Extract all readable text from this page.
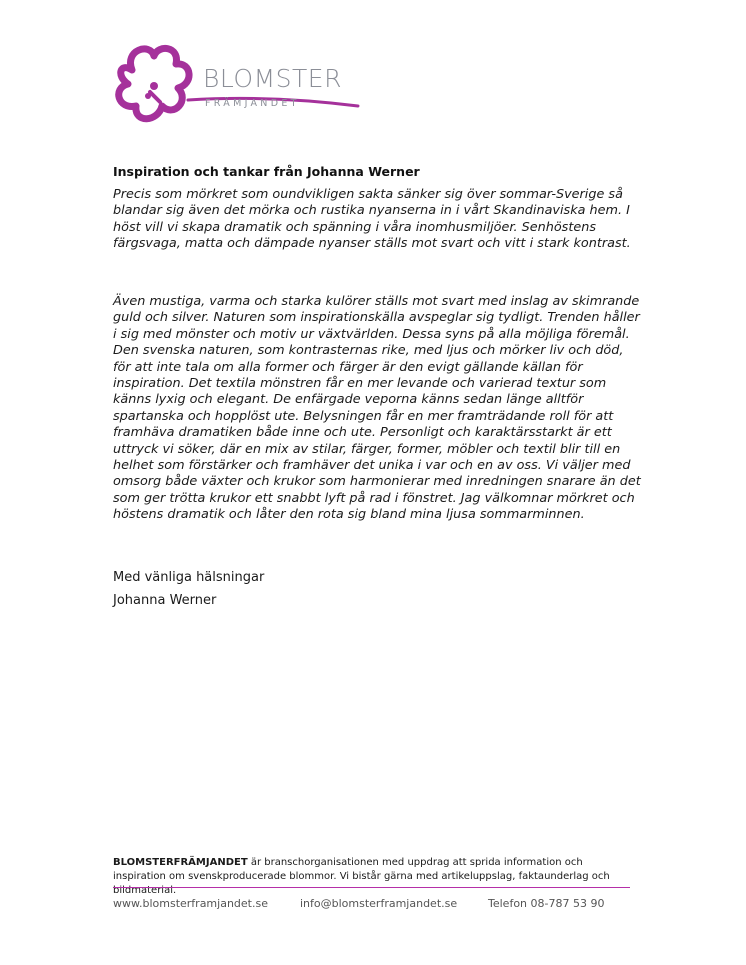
BLOMSTER
FRÄMJANDET
Inspiration och tankar från Johanna Werner

Precis som mörkret som oundvikligen sakta sänker sig över sommar-Sverige så blandar sig även det mörka och rustika nyanserna in i vårt Skandinaviska hem. I höst vill vi skapa dramatik och spänning i våra inomhusmiljöer. Senhöstens färgsvaga, matta och dämpade nyanser ställs mot svart och vitt i stark kontrast.

Även mustiga, varma och starka kulörer ställs mot svart med inslag av skimrande guld och silver. Naturen som inspirationskälla avspeglar sig tydligt. Trenden håller i sig med mönster och motiv ur växtvärlden. Dessa syns på alla möjliga föremål. Den svenska naturen, som kontrasternas rike, med ljus och mörker liv och död, för att inte tala om alla former och färger är den evigt gällande källan för inspiration. Det textila mönstren får en mer levande och varierad textur som känns lyxig och elegant. De enfärgade veporna känns sedan länge alltför spartanska och hopplöst ute. Belysningen får en mer framträdande roll för att framhäva dramatiken både inne och ute. Personligt och karaktärsstarkt är ett uttryck vi söker, där en mix av stilar, färger, former, möbler och textil blir till en helhet som förstärker och framhäver det unika i var och en av oss. Vi väljer med omsorg både växter och krukor som harmonierar med inredningen snarare än det som ger trötta krukor ett snabbt lyft på rad i fönstret. Jag välkomnar mörkret och höstens dramatik och låter den rota sig bland mina ljusa sommarminnen.

Med vänliga hälsningar
Johanna Werner
BLOMSTERFRÄMJANDET är branschorganisationen med uppdrag att sprida information och inspiration om svenskproducerade blommor. Vi bistår gärna med artikeluppslag, faktaunderlag och bildmaterial.
www.blomsterframjandet.se	info@blomsterframjandet.se	Telefon 08-787 53 90
